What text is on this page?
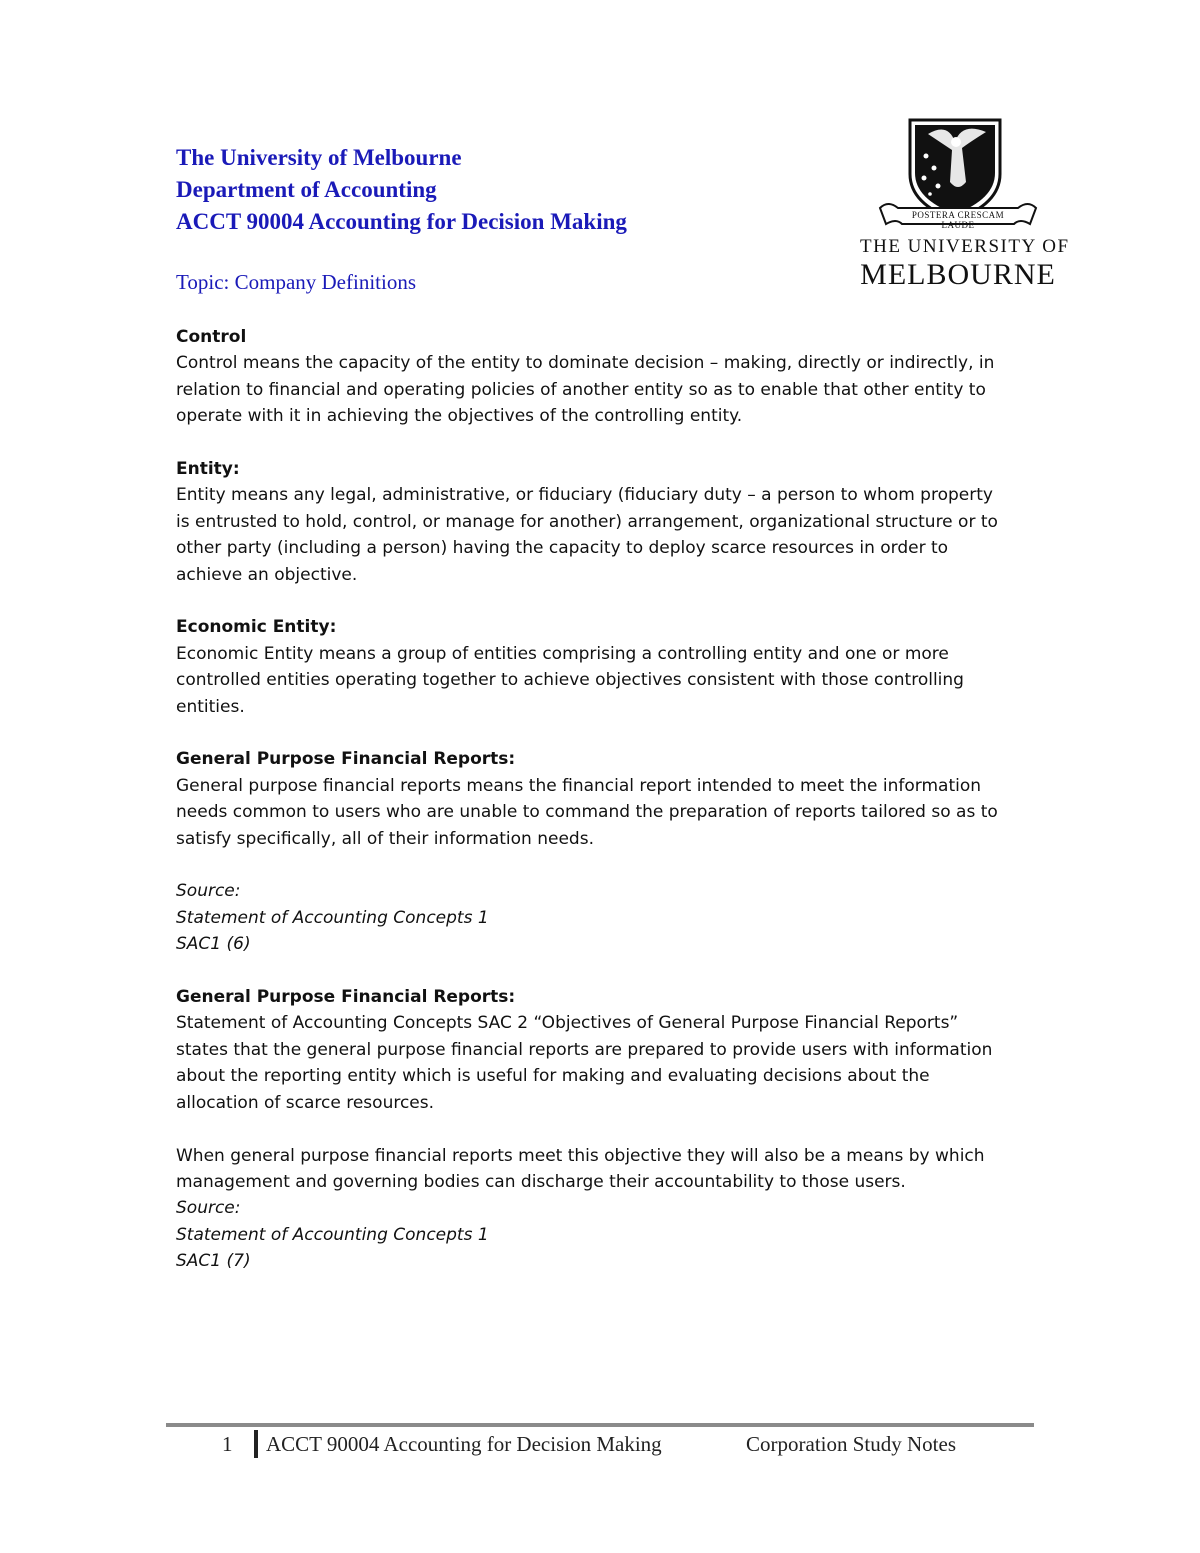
The University of Melbourne
Department of Accounting
ACCT 90004 Accounting for Decision Making
Topic: Company Definitions
POSTERA CRESCAM LAUDE
THE UNIVERSITY OF
MELBOURNE
Control
Control means the capacity of the entity to dominate decision – making, directly or indirectly, in
relation to financial and operating policies of another entity so as to enable that other entity to
operate with it in achieving the objectives of the controlling entity.
Entity:
Entity means any legal, administrative, or fiduciary (fiduciary duty – a person to whom property
is entrusted to hold, control, or manage for another) arrangement, organizational structure or to
other party (including a person) having the capacity to deploy scarce resources in order to
achieve an objective.
Economic Entity:
Economic Entity means a group of entities comprising a controlling entity and one or more
controlled entities operating together to achieve objectives consistent with those controlling
entities.
General Purpose Financial Reports:
General purpose financial reports means the financial report intended to meet the information
needs common to users who are unable to command the preparation of reports tailored so as to
satisfy specifically, all of their information needs.
Source:
Statement of Accounting Concepts 1
SAC1 (6)
General Purpose Financial Reports:
Statement of Accounting Concepts SAC 2 “Objectives of General Purpose Financial Reports”
states that the general purpose financial reports are prepared to provide users with information
about the reporting entity which is useful for making and evaluating decisions about the
allocation of scarce resources.
When general purpose financial reports meet this objective they will also be a means by which
management and governing bodies can discharge their accountability to those users.
Source:
Statement of Accounting Concepts 1
SAC1 (7)
1 ACCT 90004 Accounting for Decision Making	Corporation Study Notes
